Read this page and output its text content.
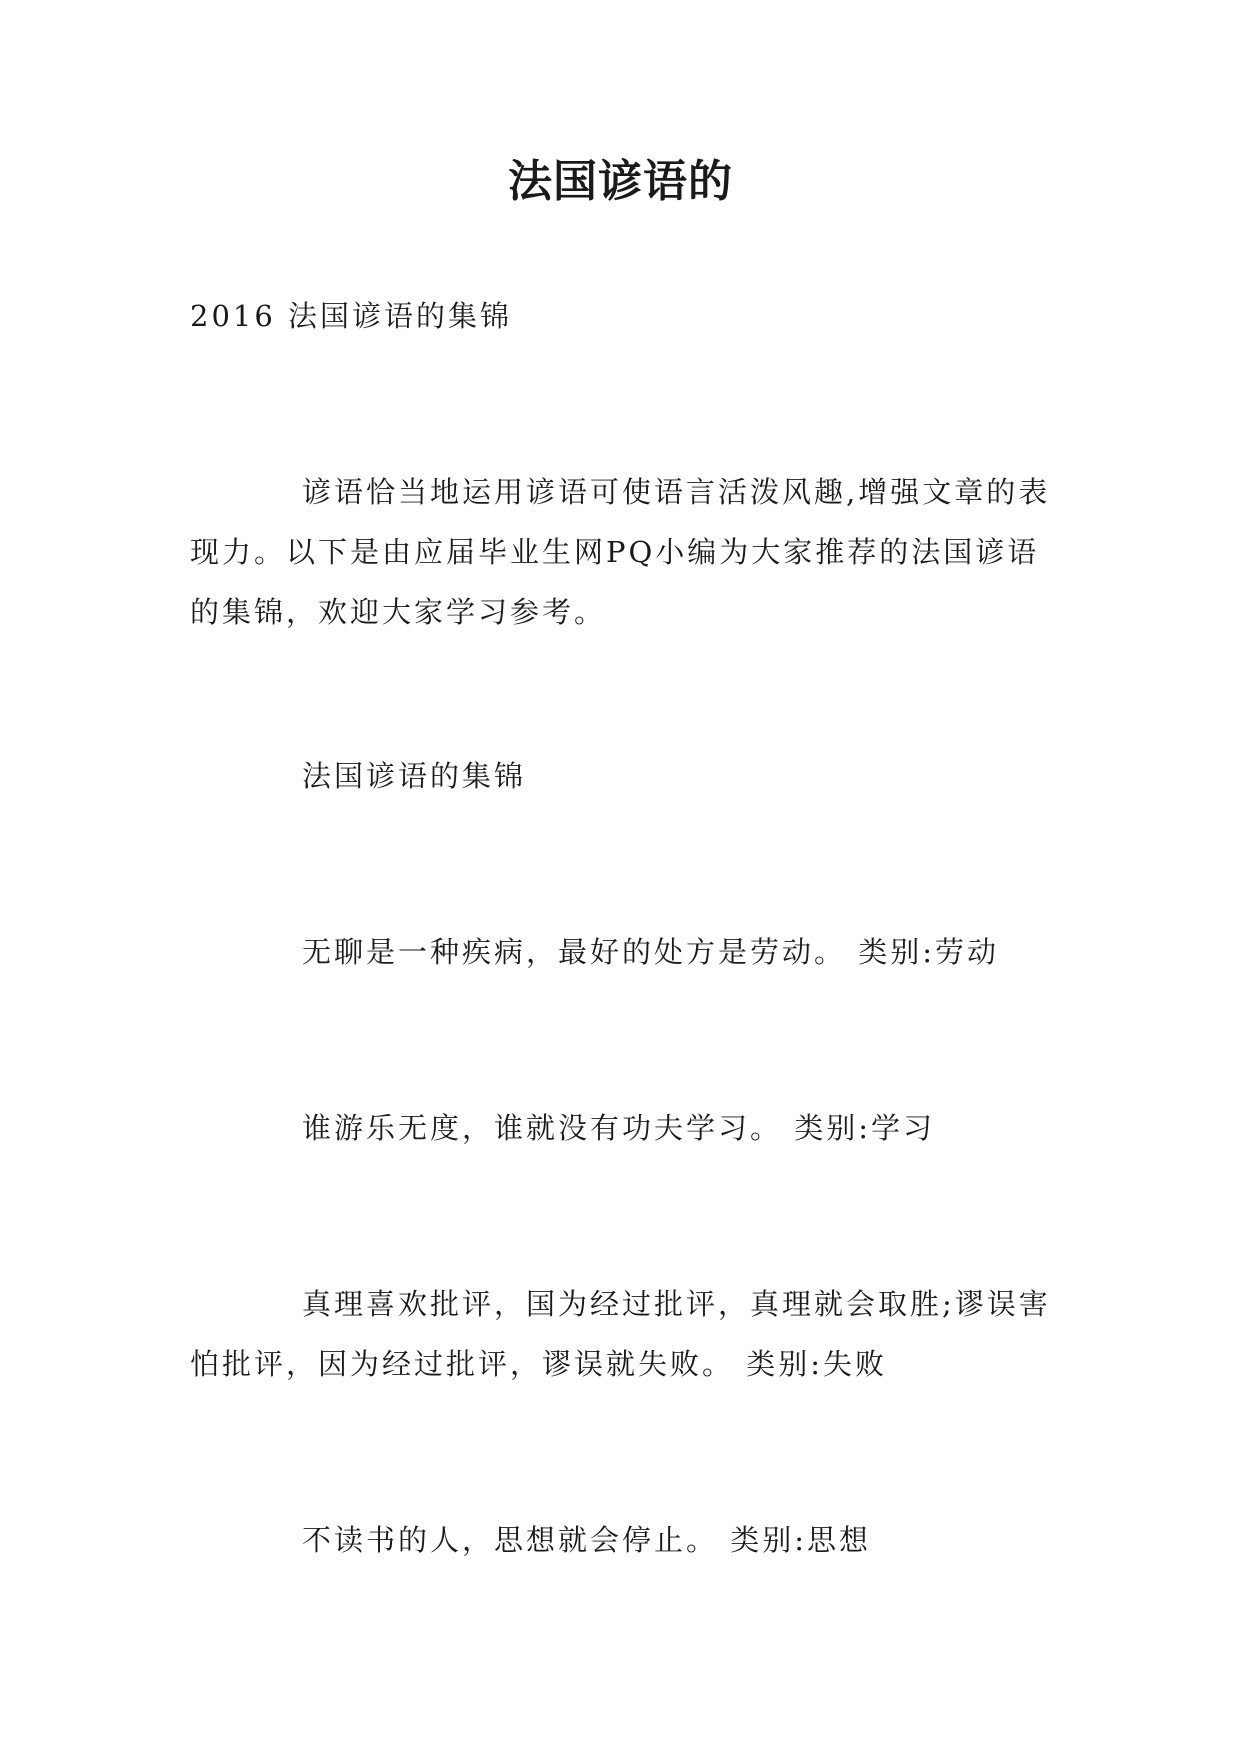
法国谚语的

2016 法国谚语的集锦

谚语恰当地运用谚语可使语言活泼风趣,增强文章的表现力。以下是由应届毕业生网PQ小编为大家推荐的法国谚语的集锦，欢迎大家学习参考。

法国谚语的集锦

无聊是一种疾病，最好的处方是劳动。 类别:劳动

谁游乐无度，谁就没有功夫学习。 类别:学习

真理喜欢批评，国为经过批评，真理就会取胜;谬误害怕批评，因为经过批评，谬误就失败。 类别:失败

不读书的人，思想就会停止。 类别:思想
